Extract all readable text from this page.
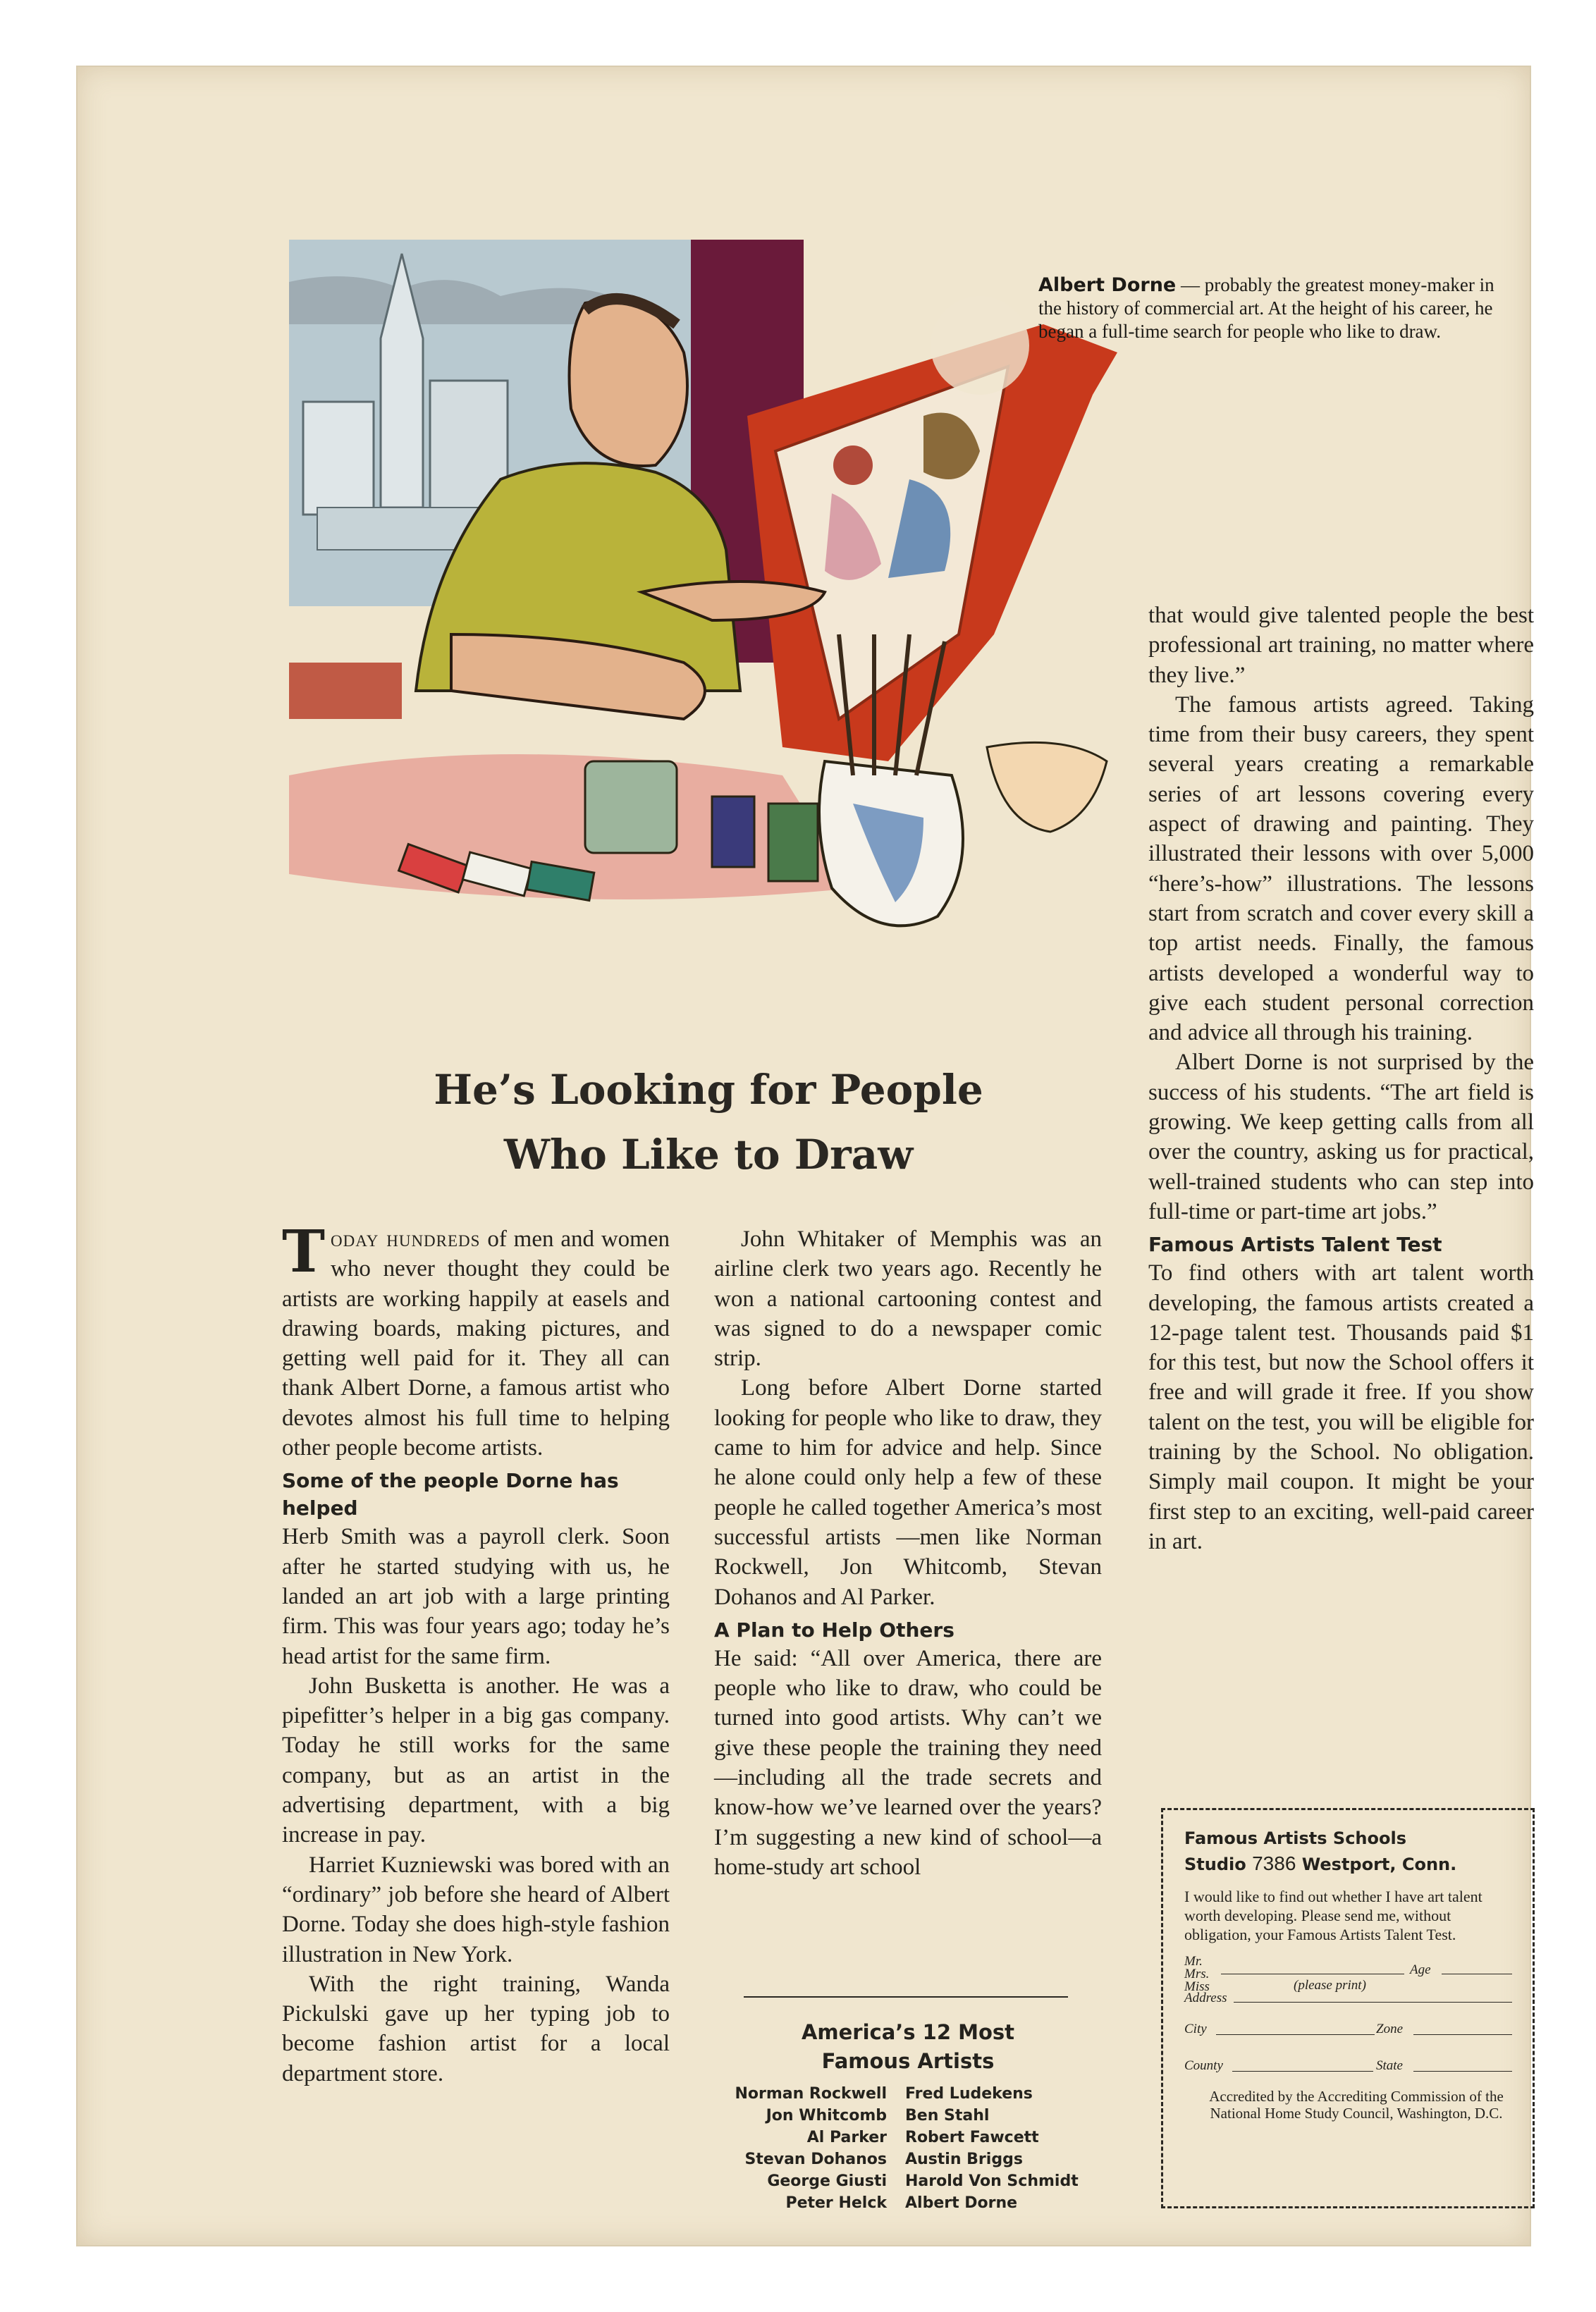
Albert Dorne — probably the greatest money-maker in the history of commercial art. At the height of his career, he began a full-time search for people who like to draw.
He’s Looking for People
Who Like to Draw

Today hundreds of men and women who never thought they could be artists are working happily at easels and drawing boards, making pictures, and getting well paid for it. They all can thank Albert Dorne, a famous artist who devotes almost his full time to helping other people become artists.

Some of the people Dorne has helped

Herb Smith was a payroll clerk. Soon after he started studying with us, he landed an art job with a large printing firm. This was four years ago; today he’s head artist for the same firm.

John Busketta is another. He was a pipefitter’s helper in a big gas company. Today he still works for the same company, but as an artist in the advertising department, with a big increase in pay.

Harriet Kuzniewski was bored with an “ordinary” job before she heard of Albert Dorne. Today she does high-style fashion illustration in New York.

With the right training, Wanda Pickulski gave up her typing job to become fashion artist for a local department store.

John Whitaker of Memphis was an airline clerk two years ago. Recently he won a national cartooning contest and was signed to do a newspaper comic strip.

Long before Albert Dorne started looking for people who like to draw, they came to him for advice and help. Since he alone could only help a few of these people he called together America’s most successful artists —men like Norman Rockwell, Jon Whitcomb, Stevan Dohanos and Al Parker.

A Plan to Help Others

He said: “All over America, there are people who like to draw, who could be turned into good artists. Why can’t we give these people the training they need—including all the trade secrets and know-how we’ve learned over the years? I’m suggesting a new kind of school—a home-study art school

America’s 12 Most
Famous Artists
Norman Rockwell	Fred Ludekens
Jon Whitcomb	Ben Stahl
Al Parker	Robert Fawcett
Stevan Dohanos	Austin Briggs
George Giusti	Harold Von Schmidt
Peter Helck	Albert Dorne

that would give talented people the best professional art training, no matter where they live.”

The famous artists agreed. Taking time from their busy careers, they spent several years creating a remarkable series of art lessons covering every aspect of drawing and painting. They illustrated their lessons with over 5,000 “here’s-how” illustrations. The lessons start from scratch and cover every skill a top artist needs. Finally, the famous artists developed a wonderful way to give each student personal correction and advice all through his training.

Albert Dorne is not surprised by the success of his students. “The art field is growing. We keep getting calls from all over the country, asking us for practical, well-trained students who can step into full-time or part-time art jobs.”

Famous Artists Talent Test

To find others with art talent worth developing, the famous artists created a 12-page talent test. Thousands paid $1 for this test, but now the School offers it free and will grade it free. If you show talent on the test, you will be eligible for training by the School. No obligation. Simply mail coupon. It might be your first step to an exciting, well-paid career in art.

Famous Artists Schools
Studio 7386 Westport, Conn.
I would like to find out whether I have art talent worth developing. Please send me, without obligation, your Famous Artists Talent Test.
Mr.
Mrs.
Miss
Age
(please print)
Address
City	Zone
County	State
Accredited by the Accrediting Commission of the National Home Study Council, Washington, D.C.
